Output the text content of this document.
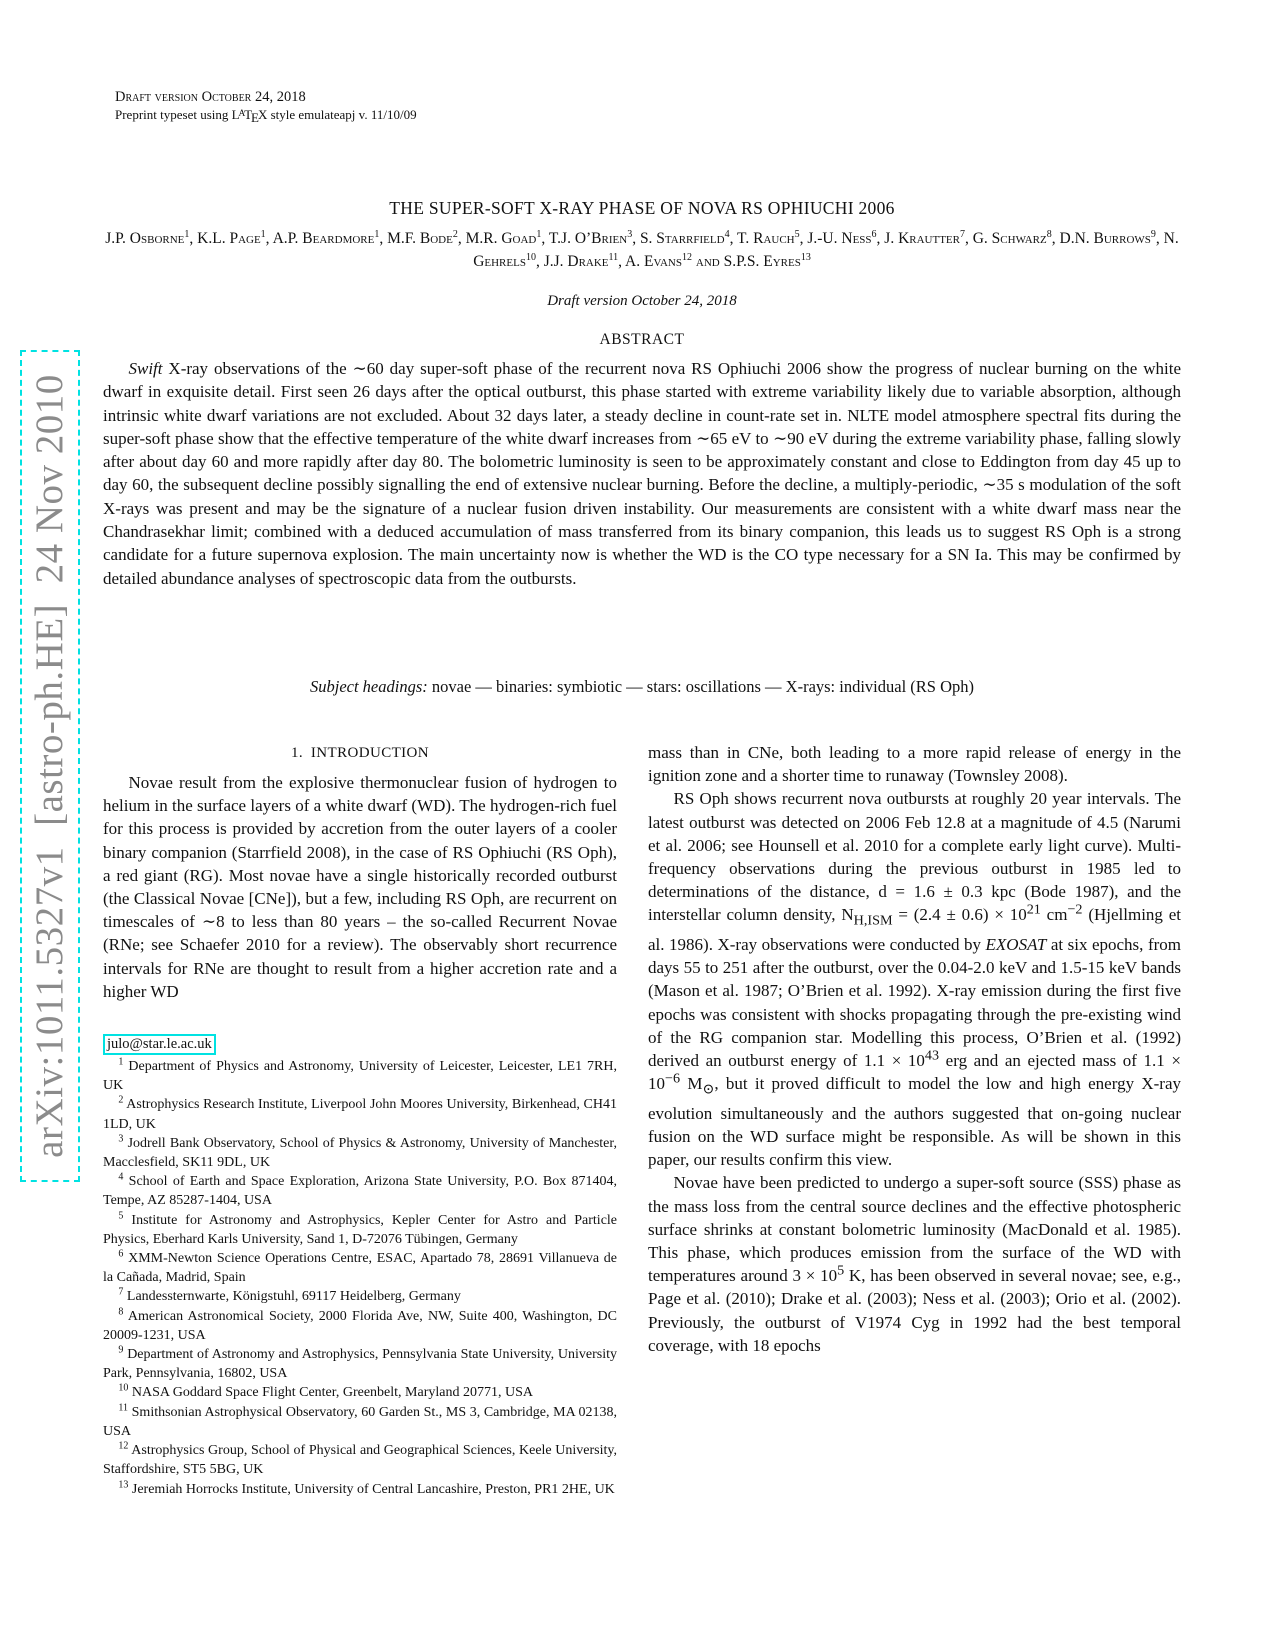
Draft version October 24, 2018
Preprint typeset using $L^ATEX$ style emulateapj v. 11/10/09
arXiv:1011.5327v1  [astro-ph.HE]  24 Nov 2010
THE SUPER-SOFT X-RAY PHASE OF NOVA RS OPHIUCHI 2006
J.P. Osborne$^1$, K.L. Page$^1$, A.P. Beardmore$^1$, M.F. Bode$^2$, M.R. Goad$^1$, T.J. O’Brien$^3$, S. Starrfield$^4$, T. Rauch$^5$, J.-U. Ness$^6$, J. Krautter$^7$, G. Schwarz$^8$, D.N. Burrows$^9$, N. Gehrels$^{10}$, J.J. Drake$^{11}$, A. Evans$^{12}$ and S.P.S. Eyres$^{13}$
Draft version October 24, 2018
ABSTRACT
Swift X-ray observations of the ∼60 day super-soft phase of the recurrent nova RS Ophiuchi 2006 show the progress of nuclear burning on the white dwarf in exquisite detail. First seen 26 days after the optical outburst, this phase started with extreme variability likely due to variable absorption, although intrinsic white dwarf variations are not excluded. About 32 days later, a steady decline in count-rate set in. NLTE model atmosphere spectral fits during the super-soft phase show that the effective temperature of the white dwarf increases from ∼65 eV to ∼90 eV during the extreme variability phase, falling slowly after about day 60 and more rapidly after day 80. The bolometric luminosity is seen to be approximately constant and close to Eddington from day 45 up to day 60, the subsequent decline possibly signalling the end of extensive nuclear burning. Before the decline, a multiply-periodic, ∼35 s modulation of the soft X-rays was present and may be the signature of a nuclear fusion driven instability. Our measurements are consistent with a white dwarf mass near the Chandrasekhar limit; combined with a deduced accumulation of mass transferred from its binary companion, this leads us to suggest RS Oph is a strong candidate for a future supernova explosion. The main uncertainty now is whether the WD is the CO type necessary for a SN Ia. This may be confirmed by detailed abundance analyses of spectroscopic data from the outbursts.
Subject headings: novae — binaries: symbiotic — stars: oscillations — X-rays: individual (RS Oph)
1. INTRODUCTION

Novae result from the explosive thermonuclear fusion of hydrogen to helium in the surface layers of a white dwarf (WD). The hydrogen-rich fuel for this process is provided by accretion from the outer layers of a cooler binary companion (Starrfield 2008), in the case of RS Ophiuchi (RS Oph), a red giant (RG). Most novae have a single historically recorded outburst (the Classical Novae [CNe]), but a few, including RS Oph, are recurrent on timescales of ∼8 to less than 80 years – the so-called Recurrent Novae (RNe; see Schaefer 2010 for a review). The observably short recurrence intervals for RNe are thought to result from a higher accretion rate and a higher WD

julo@star.le.ac.uk

$^1$ Department of Physics and Astronomy, University of Leicester, Leicester, LE1 7RH, UK

$^2$ Astrophysics Research Institute, Liverpool John Moores University, Birkenhead, CH41 1LD, UK

$^3$ Jodrell Bank Observatory, School of Physics & Astronomy, University of Manchester, Macclesfield, SK11 9DL, UK

$^4$ School of Earth and Space Exploration, Arizona State University, P.O. Box 871404, Tempe, AZ 85287-1404, USA

$^5$ Institute for Astronomy and Astrophysics, Kepler Center for Astro and Particle Physics, Eberhard Karls University, Sand 1, D-72076 Tübingen, Germany

$^6$ XMM-Newton Science Operations Centre, ESAC, Apartado 78, 28691 Villanueva de la Cañada, Madrid, Spain

$^7$ Landessternwarte, Königstuhl, 69117 Heidelberg, Germany

$^8$ American Astronomical Society, 2000 Florida Ave, NW, Suite 400, Washington, DC 20009-1231, USA

$^9$ Department of Astronomy and Astrophysics, Pennsylvania State University, University Park, Pennsylvania, 16802, USA

$^{10}$ NASA Goddard Space Flight Center, Greenbelt, Maryland 20771, USA

$^{11}$ Smithsonian Astrophysical Observatory, 60 Garden St., MS 3, Cambridge, MA 02138, USA

$^{12}$ Astrophysics Group, School of Physical and Geographical Sciences, Keele University, Staffordshire, ST5 5BG, UK

$^{13}$ Jeremiah Horrocks Institute, University of Central Lancashire, Preston, PR1 2HE, UK

mass than in CNe, both leading to a more rapid release of energy in the ignition zone and a shorter time to runaway (Townsley 2008).

RS Oph shows recurrent nova outbursts at roughly 20 year intervals. The latest outburst was detected on 2006 Feb 12.8 at a magnitude of 4.5 (Narumi et al. 2006; see Hounsell et al. 2010 for a complete early light curve). Multi-frequency observations during the previous outburst in 1985 led to determinations of the distance, d = 1.6 ± 0.3 kpc (Bode 1987), and the interstellar column density, $N_{H,ISM} = (2.4 \pm 0.6) \times 10^{21}$ $cm^{-2}$ (Hjellming et al. 1986). X-ray observations were conducted by EXOSAT at six epochs, from days 55 to 251 after the outburst, over the 0.04-2.0 keV and 1.5-15 keV bands (Mason et al. 1987; O’Brien et al. 1992). X-ray emission during the first five epochs was consistent with shocks propagating through the pre-existing wind of the RG companion star. Modelling this process, O’Brien et al. (1992) derived an outburst energy of $1.1 \times 10^{43}$ erg and an ejected mass of $1.1 \times 10^{-6}$ $M_⊙$, but it proved difficult to model the low and high energy X-ray evolution simultaneously and the authors suggested that on-going nuclear fusion on the WD surface might be responsible. As will be shown in this paper, our results confirm this view.

Novae have been predicted to undergo a super-soft source (SSS) phase as the mass loss from the central source declines and the effective photospheric surface shrinks at constant bolometric luminosity (MacDonald et al. 1985). This phase, which produces emission from the surface of the WD with temperatures around $3 \times 10^5$ K, has been observed in several novae; see, e.g., Page et al. (2010); Drake et al. (2003); Ness et al. (2003); Orio et al. (2002). Previously, the outburst of V1974 Cyg in 1992 had the best temporal coverage, with 18 epochs
